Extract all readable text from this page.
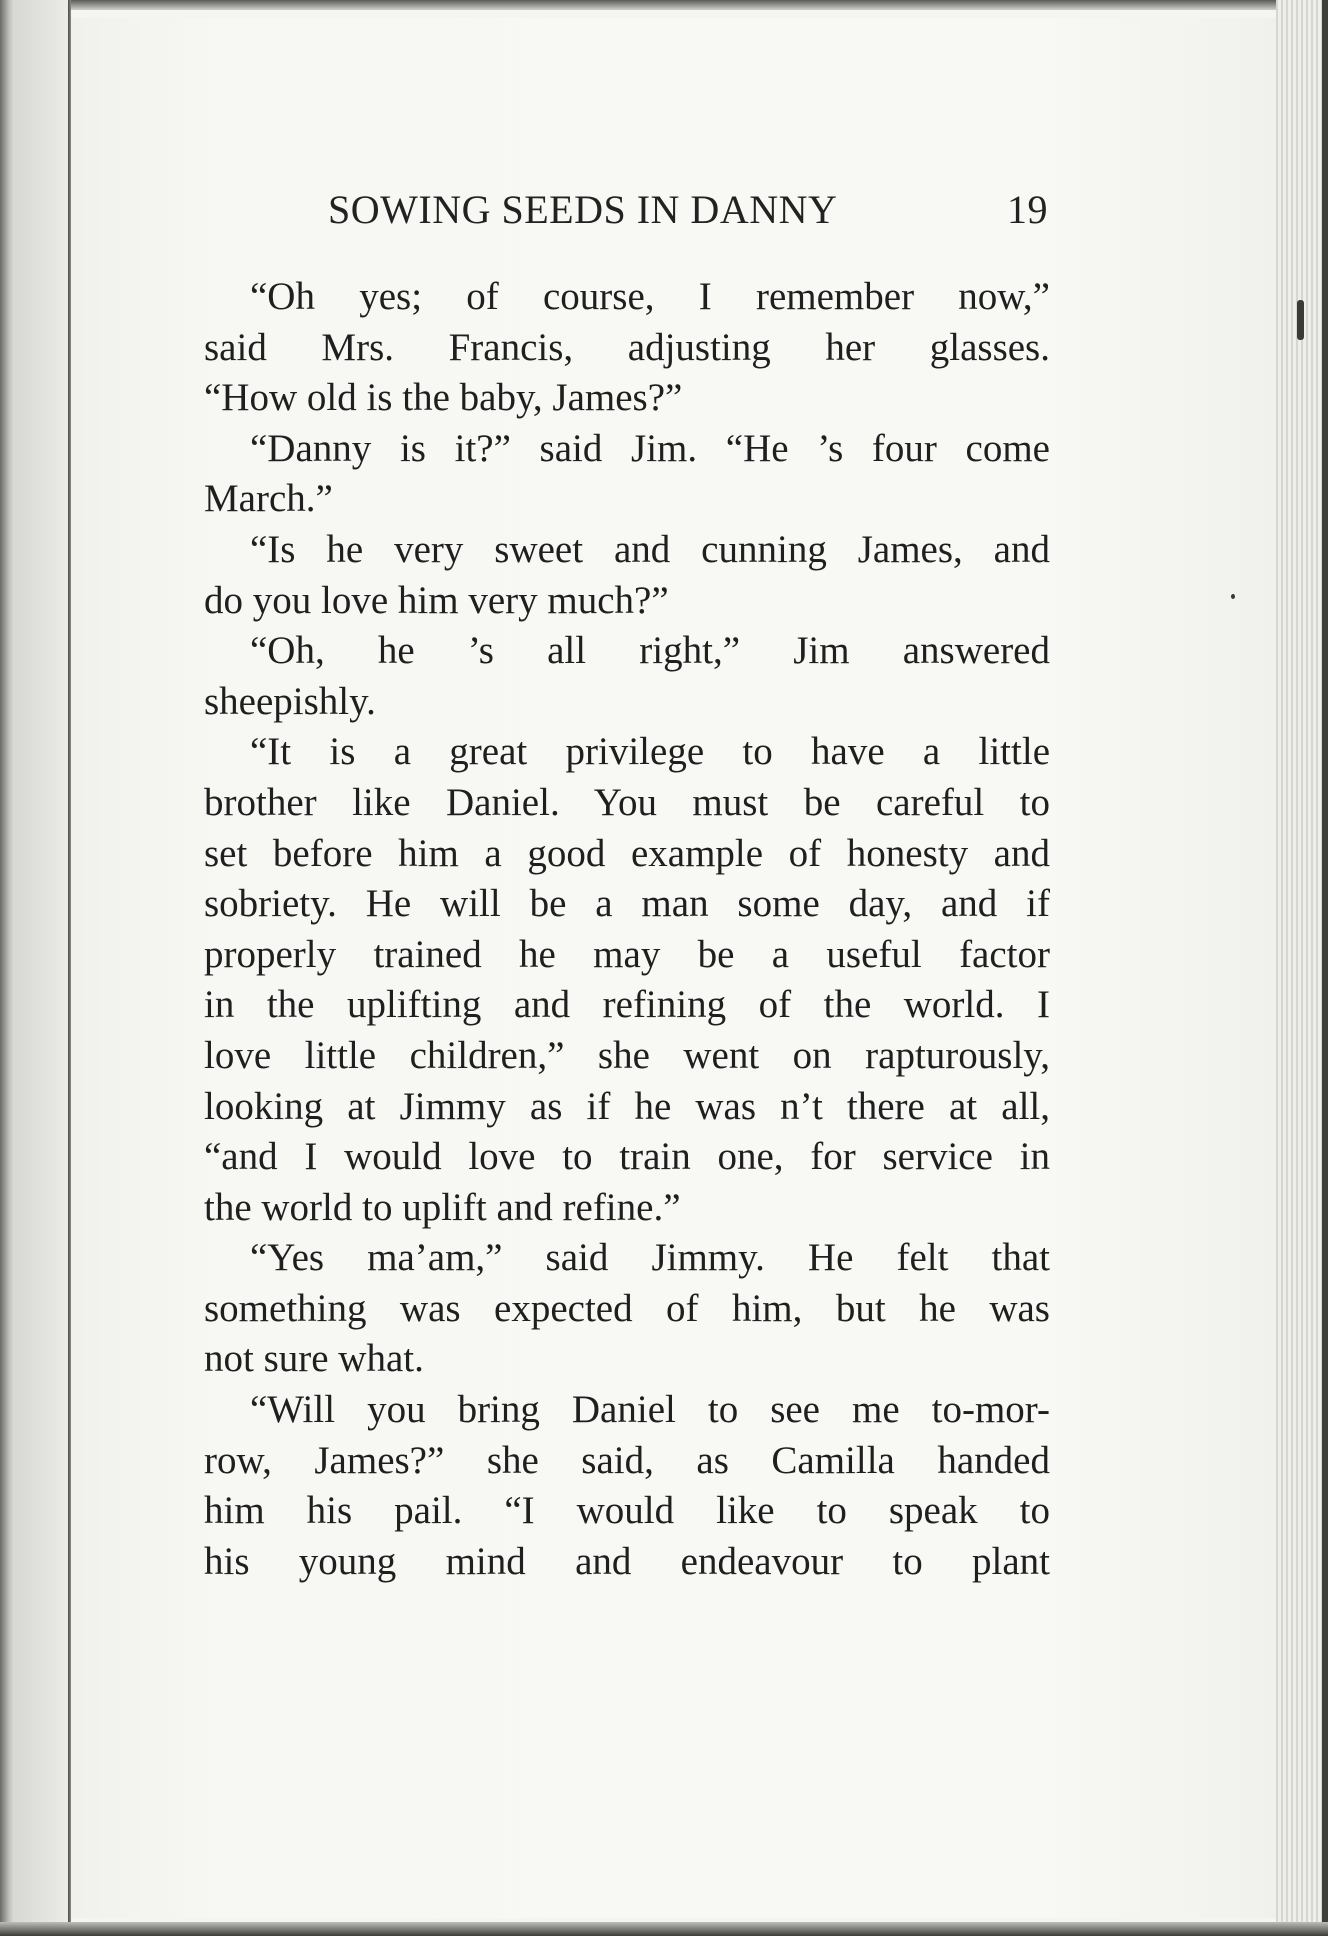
SOWING SEEDS IN DANNY	19
“Oh yes; of course, I remember now,”
said Mrs. Francis, adjusting her glasses.
“How old is the baby, James?”
“Danny is it?” said Jim. “He ’s four come
March.”
“Is he very sweet and cunning James, and
do you love him very much?”
“Oh, he ’s all right,” Jim answered
sheepishly.
“It is a great privilege to have a little
brother like Daniel. You must be careful to
set before him a good example of honesty and
sobriety. He will be a man some day, and if
properly trained he may be a useful factor
in the uplifting and refining of the world. I
love little children,” she went on rapturously,
looking at Jimmy as if he was n’t there at all,
“and I would love to train one, for service in
the world to uplift and refine.”
“Yes ma’am,” said Jimmy. He felt that
something was expected of him, but he was
not sure what.
“Will you bring Daniel to see me to-mor-
row, James?” she said, as Camilla handed
him his pail. “I would like to speak to
his young mind and endeavour to plant
